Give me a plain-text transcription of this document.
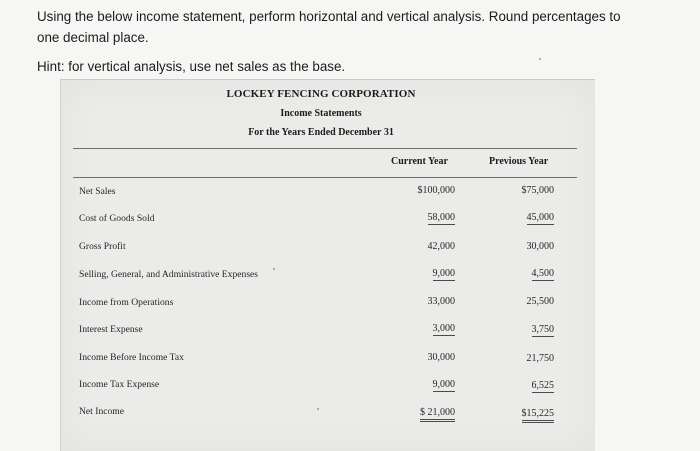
Using the below income statement, perform horizontal and vertical analysis. Round percentages to one decimal place.
Hint: for vertical analysis, use net sales as the base.
LOCKEY FENCING CORPORATION
Income Statements
For the Years Ended December 31
Current Year	Previous Year
Net Sales	$100,000	$75,000
Cost of Goods Sold	58,000	45,000
Gross Profit	42,000	30,000
Selling, General, and Administrative Expenses	9,000	4,500
Income from Operations	33,000	25,500
Interest Expense	3,000	3,750
Income Before Income Tax	30,000	21,750
Income Tax Expense	9,000	6,525
Net Income	$ 21,000	$15,225
